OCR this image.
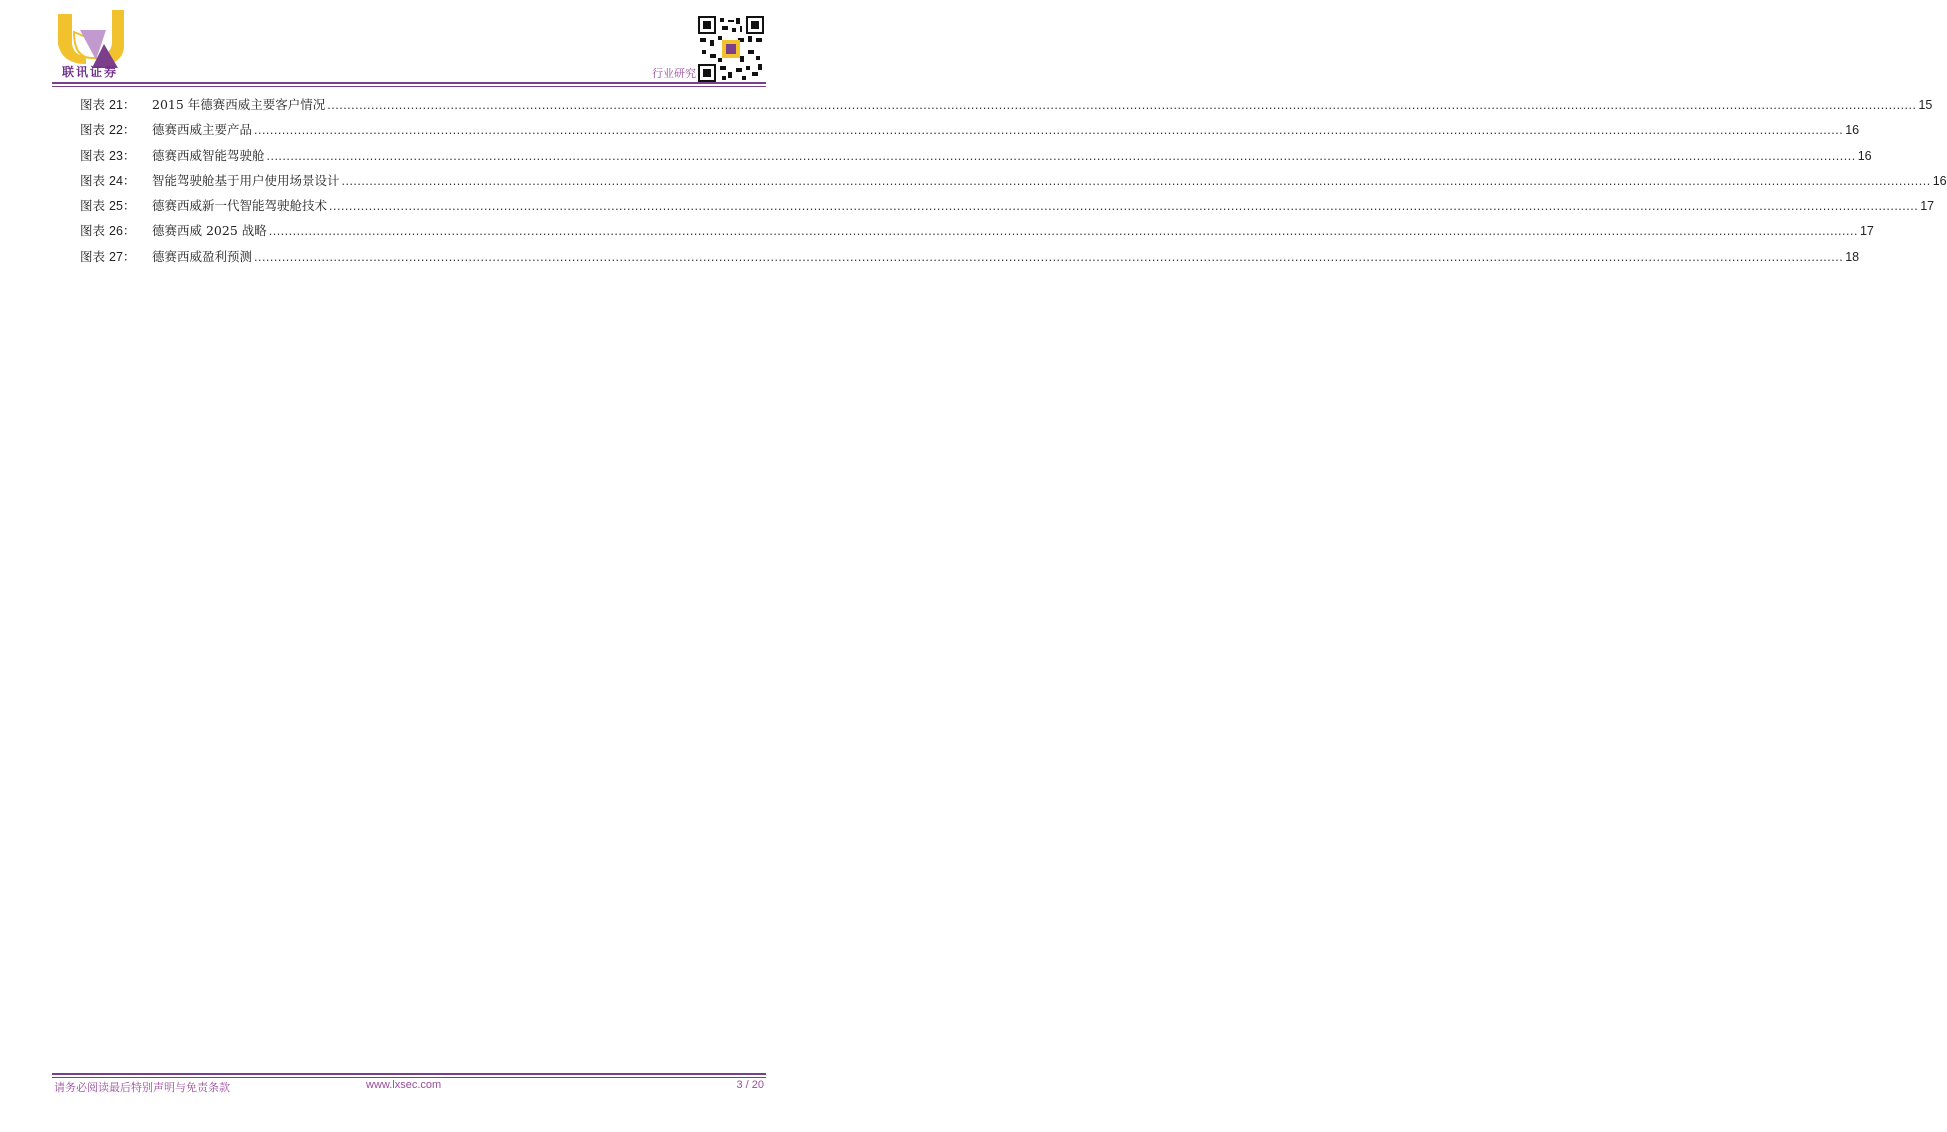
联讯证券	行业研究
图表 21：	2015 年德赛西威主要客户情况 ................................................................................................................................................................................................................................................................................................................................................................................................................ 15
图表 22：	德赛西威主要产品 ................................................................................................................................................................................................................................................................................................................................................................................................................ 16
图表 23：	德赛西威智能驾驶舱 ................................................................................................................................................................................................................................................................................................................................................................................................................ 16
图表 24：	智能驾驶舱基于用户使用场景设计 ................................................................................................................................................................................................................................................................................................................................................................................................................ 16
图表 25：	德赛西威新一代智能驾驶舱技术 ................................................................................................................................................................................................................................................................................................................................................................................................................ 17
图表 26：	德赛西威 2025 战略 ................................................................................................................................................................................................................................................................................................................................................................................................................ 17
图表 27：	德赛西威盈利预测 ................................................................................................................................................................................................................................................................................................................................................................................................................ 18
请务必阅读最后特别声明与免责条款	www.lxsec.com	3 / 20
